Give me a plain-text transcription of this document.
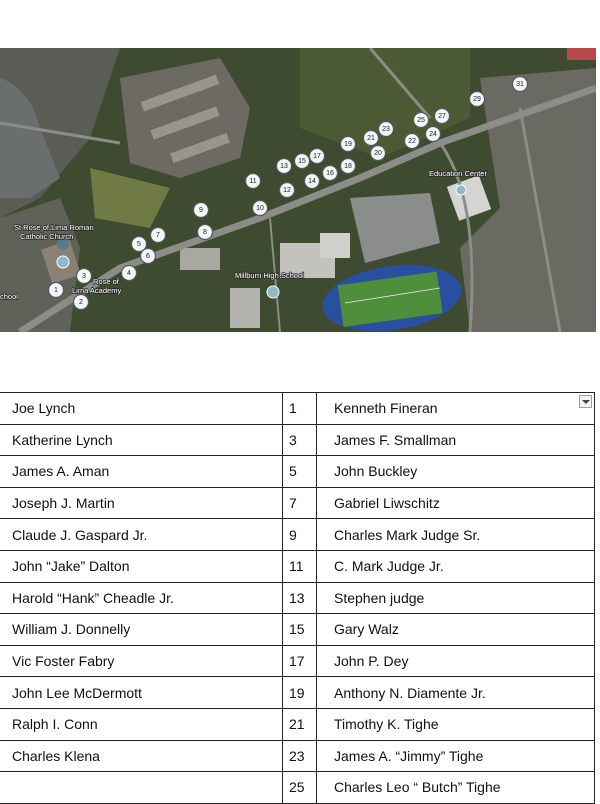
St Rose of Lima Roman Catholic Church
Rose of Lima Academy
chool
Millburn High School
Education Center
1
2
3	4
5
6
7	8
9	10
11
12
13
14
15
16
17
18
19
20
21	22
23
24
25
27
29
31
Joe Lynch	1	Kenneth Fineran

Katherine Lynch	3	James F. Smallman
James A. Aman	5	John Buckley
Joseph J. Martin	7	Gabriel Liwschitz
Claude J. Gaspard Jr.	9	Charles Mark Judge Sr.
John “Jake” Dalton	11	C. Mark Judge Jr.
Harold “Hank” Cheadle Jr.	13	Stephen judge
William J. Donnelly	15	Gary Walz
Vic Foster Fabry	17	John P. Dey
John Lee McDermott	19	Anthony N. Diamente Jr.
Ralph I. Conn	21	Timothy K. Tighe
Charles Klena	23	James A. “Jimmy” Tighe
	25	Charles Leo “ Butch” Tighe
